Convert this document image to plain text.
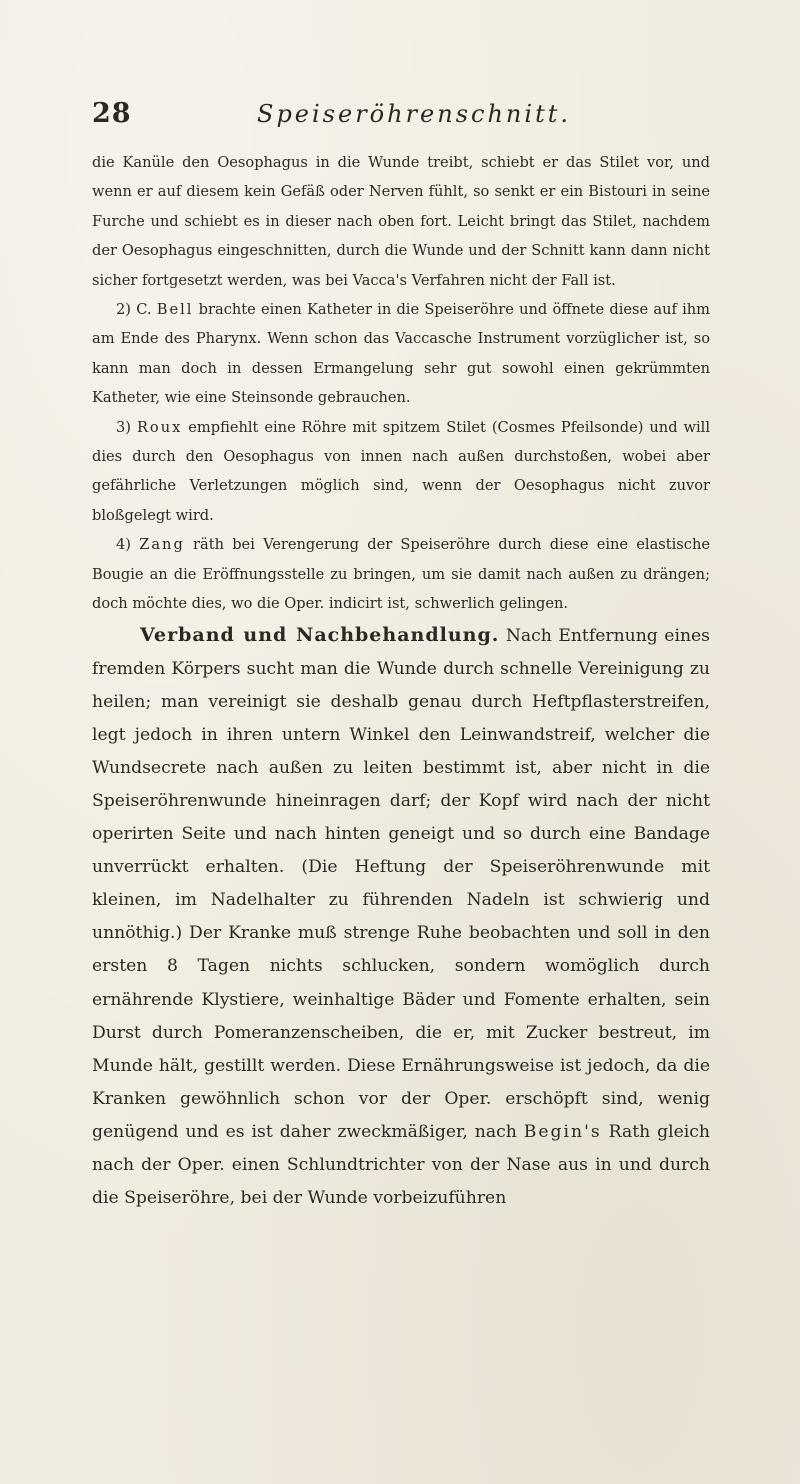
28	Speiseröhrenschnitt.

die Kanüle den Oesophagus in die Wunde treibt, schiebt er das Stilet vor, und wenn er auf diesem kein Gefäß oder Nerven fühlt, so senkt er ein Bistouri in seine Furche und schiebt es in dieser nach oben fort. Leicht bringt das Stilet, nachdem der Oesophagus eingeschnitten, durch die Wunde und der Schnitt kann dann nicht sicher fortgesetzt werden, was bei Vacca's Verfahren nicht der Fall ist.

2) C. Bell brachte einen Katheter in die Speiseröhre und öffnete diese auf ihm am Ende des Pharynx. Wenn schon das Vaccasche Instrument vorzüglicher ist, so kann man doch in dessen Ermangelung sehr gut sowohl einen gekrümmten Katheter, wie eine Steinsonde gebrauchen.

3) Roux empfiehlt eine Röhre mit spitzem Stilet (Cosmes Pfeilsonde) und will dies durch den Oesophagus von innen nach außen durchstoßen, wobei aber gefährliche Verletzungen möglich sind, wenn der Oesophagus nicht zuvor bloßgelegt wird.

4) Zang räth bei Verengerung der Speiseröhre durch diese eine elastische Bougie an die Eröffnungsstelle zu bringen, um sie damit nach außen zu drängen; doch möchte dies, wo die Oper. indicirt ist, schwerlich gelingen.

Verband und Nachbehandlung. Nach Entfernung eines fremden Körpers sucht man die Wunde durch schnelle Vereinigung zu heilen; man vereinigt sie deshalb genau durch Heftpflasterstreifen, legt jedoch in ihren untern Winkel den Leinwandstreif, welcher die Wundsecrete nach außen zu leiten bestimmt ist, aber nicht in die Speiseröhrenwunde hineinragen darf; der Kopf wird nach der nicht operirten Seite und nach hinten geneigt und so durch eine Bandage unverrückt erhalten. (Die Heftung der Speiseröhrenwunde mit kleinen, im Nadelhalter zu führenden Nadeln ist schwierig und unnöthig.) Der Kranke muß strenge Ruhe beobachten und soll in den ersten 8 Tagen nichts schlucken, sondern womöglich durch ernährende Klystiere, weinhaltige Bäder und Fomente erhalten, sein Durst durch Pomeranzenscheiben, die er, mit Zucker bestreut, im Munde hält, gestillt werden. Diese Ernährungsweise ist jedoch, da die Kranken gewöhnlich schon vor der Oper. erschöpft sind, wenig genügend und es ist daher zweckmäßiger, nach Begin's Rath gleich nach der Oper. einen Schlundtrichter von der Nase aus in und durch die Speiseröhre, bei der Wunde vorbeizuführen
